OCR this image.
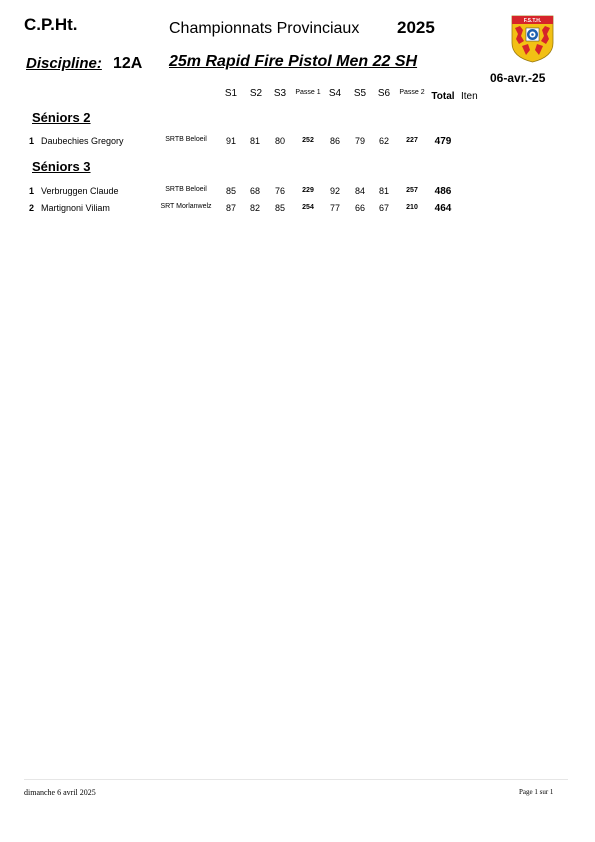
C.P.Ht.	Championnats Provinciaux 2025
Discipline: 12A 25m Rapid Fire Pistol Men 22 SH
06-avr.-25
F.S.T.H.
S1 S2 S3 Passe 1 S4 S5 S6 Passe 2 Total Iten
Séniors 2
1 Daubechies Gregory	SRTB Beloeil 91 81 80 252 86 79 62 227 479
Séniors 3
1 Verbruggen Claude	SRTB Beloeil 85 68 76 229 92 84 81 257 486
2 Martignoni Viliam	SRT Morlanwelz 87 82 85 254 77 66 67 210 464
dimanche 6 avril 2025	Page 1 sur 1
